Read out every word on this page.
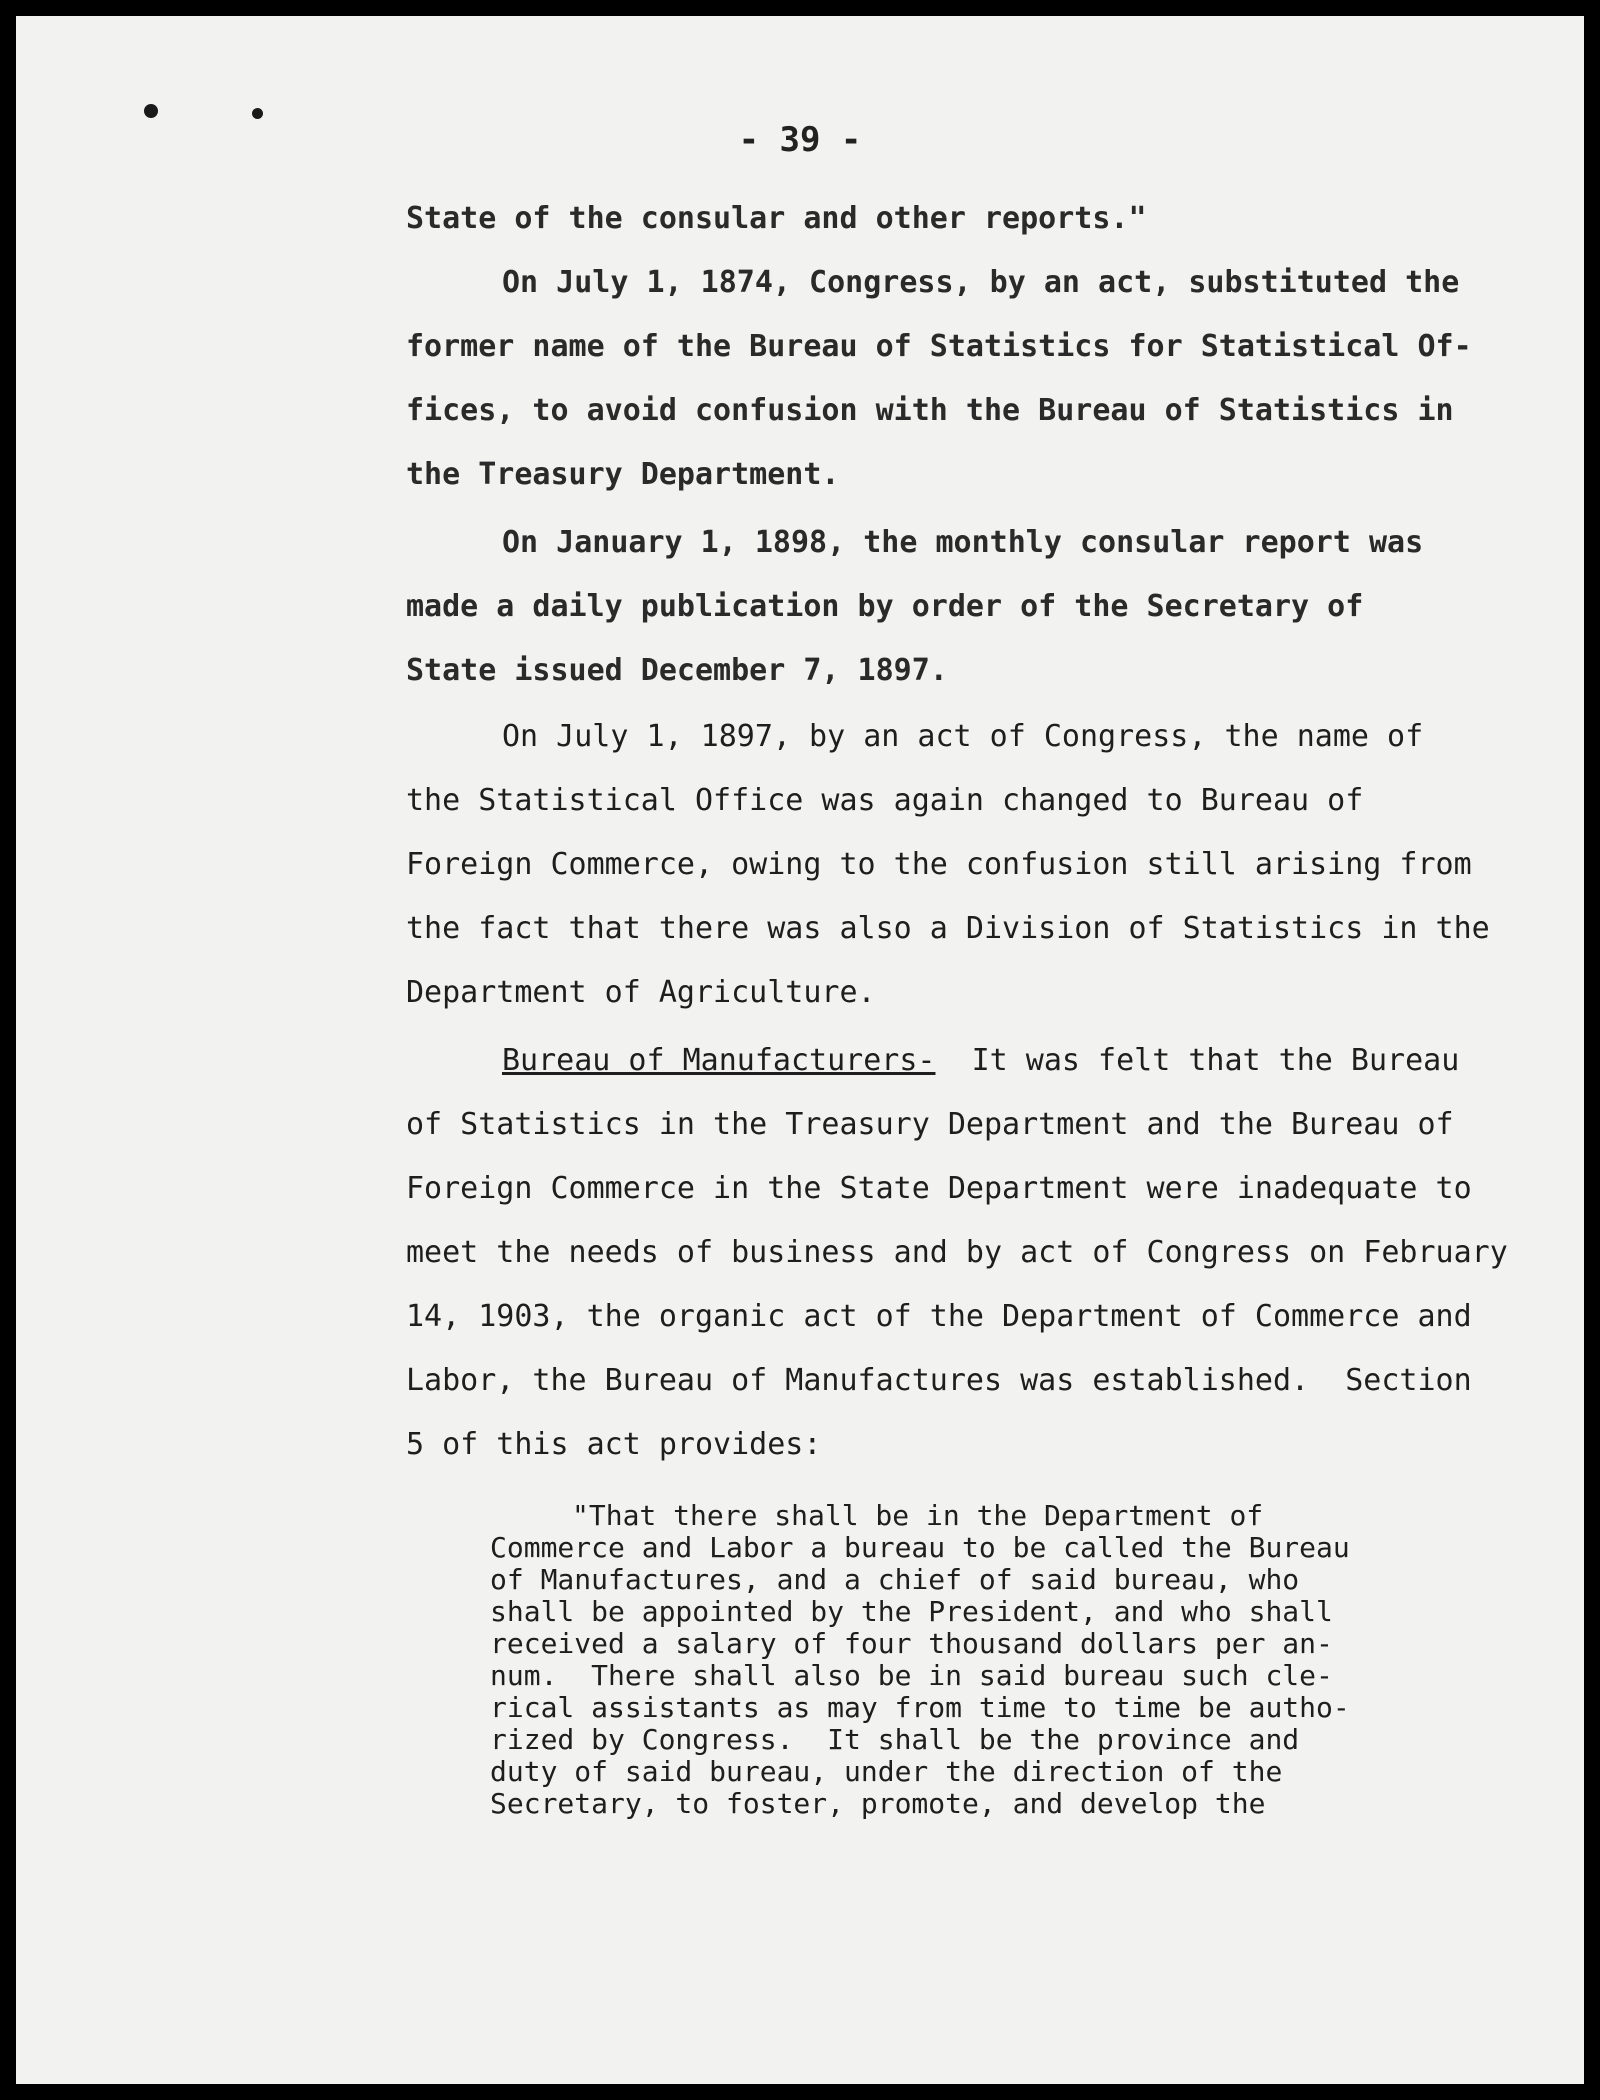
- 39 -
State of the consular and other reports."
On July 1, 1874, Congress, by an act, substituted the
former name of the Bureau of Statistics for Statistical Of-
fices, to avoid confusion with the Bureau of Statistics in
the Treasury Department.
On January 1, 1898, the monthly consular report was
made a daily publication by order of the Secretary of
State issued December 7, 1897.
On July 1, 1897, by an act of Congress, the name of
the Statistical Office was again changed to Bureau of
Foreign Commerce, owing to the confusion still arising from
the fact that there was also a Division of Statistics in the
Department of Agriculture.
Bureau of Manufacturers-  It was felt that the Bureau
of Statistics in the Treasury Department and the Bureau of
Foreign Commerce in the State Department were inadequate to
meet the needs of business and by act of Congress on February
14, 1903, the organic act of the Department of Commerce and
Labor, the Bureau of Manufactures was established.  Section
5 of this act provides:
"That there shall be in the Department of
Commerce and Labor a bureau to be called the Bureau
of Manufactures, and a chief of said bureau, who
shall be appointed by the President, and who shall
received a salary of four thousand dollars per an-
num.  There shall also be in said bureau such cle-
rical assistants as may from time to time be autho-
rized by Congress.  It shall be the province and
duty of said bureau, under the direction of the
Secretary, to foster, promote, and develop the
